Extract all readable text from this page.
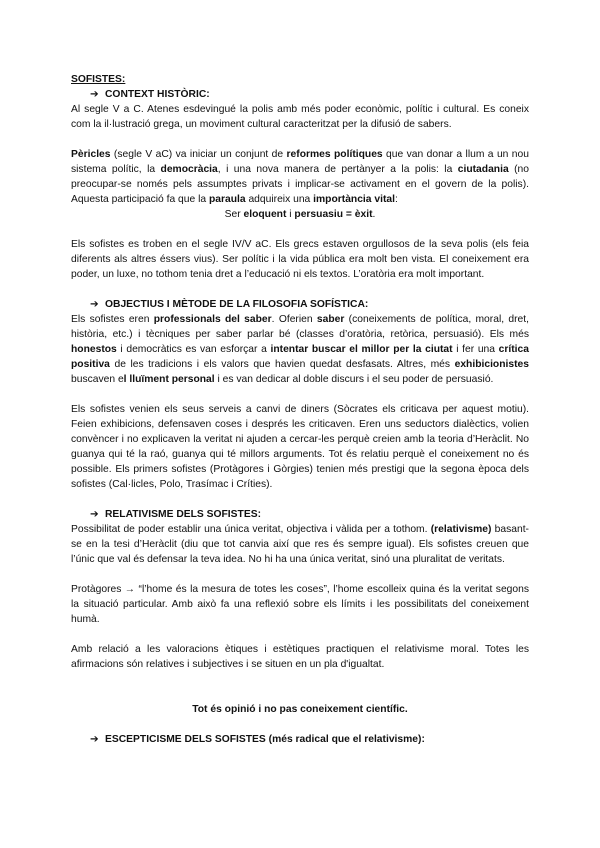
SOFISTES:

➔ CONTEXT HISTÒRIC:

Al segle V a C. Atenes esdevingué la polis amb més poder econòmic, polític i cultural. Es coneix com la il·lustració grega, un moviment cultural caracteritzat per la difusió de sabers.

Pèricles (segle V aC) va iniciar un conjunt de reformes polítiques que van donar a llum a un nou sistema polític, la democràcia, i una nova manera de pertànyer a la polis: la ciutadania (no preocupar-se només pels assumptes privats i implicar-se activament en el govern de la polis). Aquesta participació fa que la paraula adquireix una importància vital:

Ser eloquent i persuasiu = èxit.

Els sofistes es troben en el segle IV/V aC. Els grecs estaven orgullosos de la seva polis (els feia diferents als altres éssers vius). Ser polític i la vida pública era molt ben vista. El coneixement era poder, un luxe, no tothom tenia dret a l’educació ni els textos. L’oratòria era molt important.

➔ OBJECTIUS I MÈTODE DE LA FILOSOFIA SOFÍSTICA:

Els sofistes eren professionals del saber. Oferien saber (coneixements de política, moral, dret, història, etc.) i tècniques per saber parlar bé (classes d’oratòria, retòrica, persuasió). Els més honestos i democràtics es van esforçar a intentar buscar el millor per la ciutat i fer una crítica positiva de les tradicions i els valors que havien quedat desfasats. Altres, més exhibicionistes buscaven el lluïment personal i es van dedicar al doble discurs i el seu poder de persuasió.

Els sofistes venien els seus serveis a canvi de diners (Sòcrates els criticava per aquest motiu). Feien exhibicions, defensaven coses i després les criticaven. Eren uns seductors dialèctics, volien convèncer i no explicaven la veritat ni ajuden a cercar-les perquè creien amb la teoria d’Heràclit. No guanya qui té la raó, guanya qui té millors arguments. Tot és relatiu perquè el coneixement no és possible. Els primers sofistes (Protàgores i Gòrgies) tenien més prestigi que la segona època dels sofistes (Cal·licles, Polo, Trasímac i Críties).

➔ RELATIVISME DELS SOFISTES:

Possibilitat de poder establir una única veritat, objectiva i vàlida per a tothom. (relativisme) basant-se en la tesi d’Heràclit (diu que tot canvia així que res és sempre igual). Els sofistes creuen que l’únic que val és defensar la teva idea. No hi ha una única veritat, sinó una pluralitat de veritats.

Protàgores → “l’home és la mesura de totes les coses”, l’home escolleix quina és la veritat segons la situació particular. Amb això fa una reflexió sobre els límits i les possibilitats del coneixement humà.

Amb relació a les valoracions ètiques i estètiques practiquen el relativisme moral. Totes les afirmacions són relatives i subjectives i se situen en un pla d'igualtat.

Tot és opinió i no pas coneixement científic.

➔ ESCEPTICISME DELS SOFISTES (més radical que el relativisme):
